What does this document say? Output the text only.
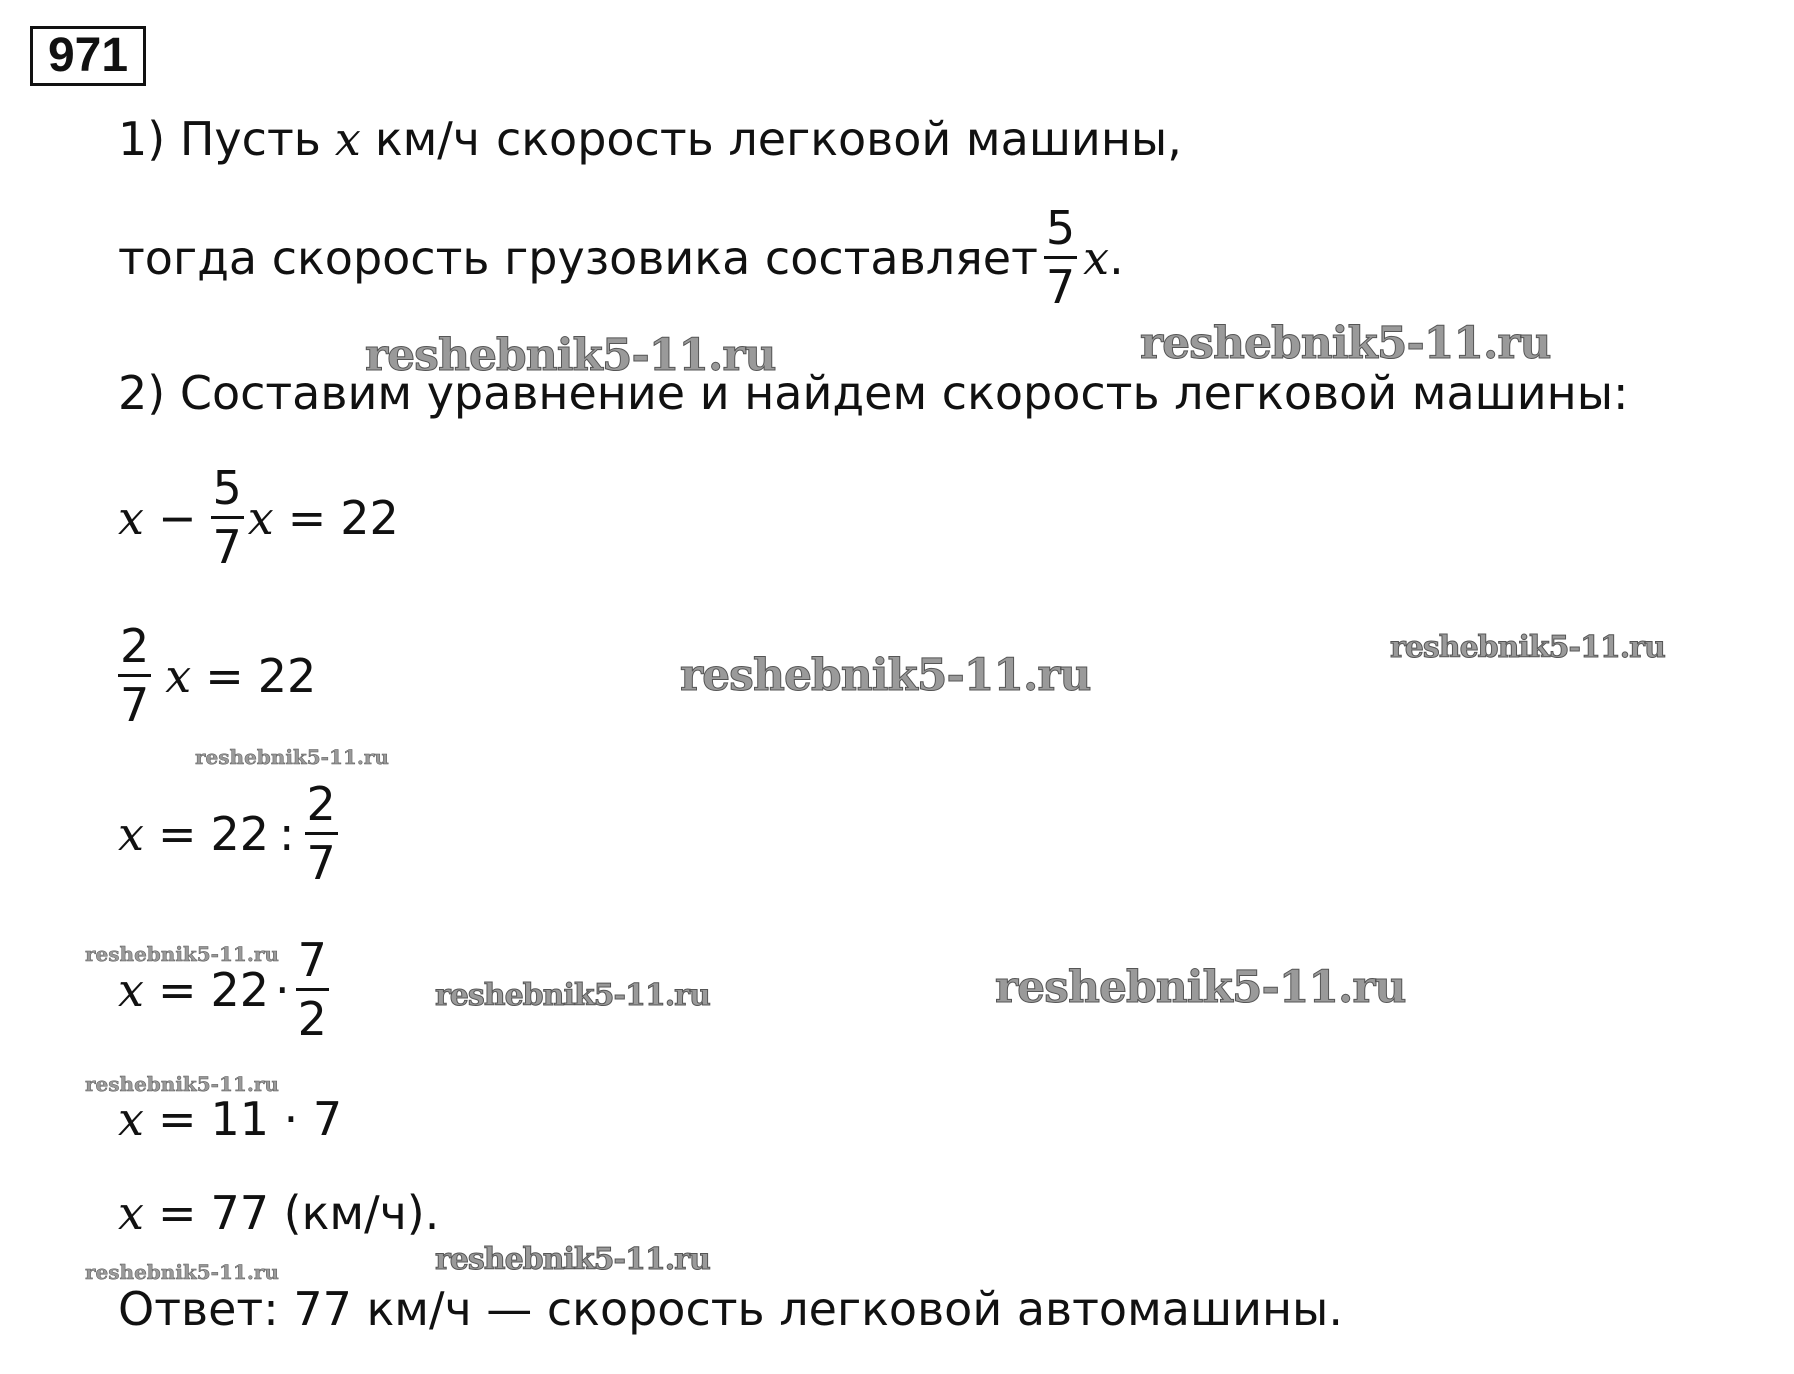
971
1) Пусть x км/ч скорость легковой машины,
тогда скорость грузовика составляет $\frac{5}{7}$ x .
2) Составим уравнение и найдем скорость легковой машины:
$x - \frac{5}{7}$ x = 22
$\frac{2}{7}$ x = 22
x = 22 : $\frac{2}{7}$
$x = 22 \cdot \frac{7}{2}$
x = 11 · 7
x = 77 (км/ч).
Ответ: 77 км/ч — скорость легковой автомашины.
reshebnik5-11.ru	reshebnik5-11.ru
reshebnik5-11.ru
reshebnik5-11.ru
reshebnik5-11.ru
reshebnik5-11.ru
reshebnik5-11.ru	reshebnik5-11.ru
reshebnik5-11.ru
reshebnik5-11.ru
reshebnik5-11.ru
